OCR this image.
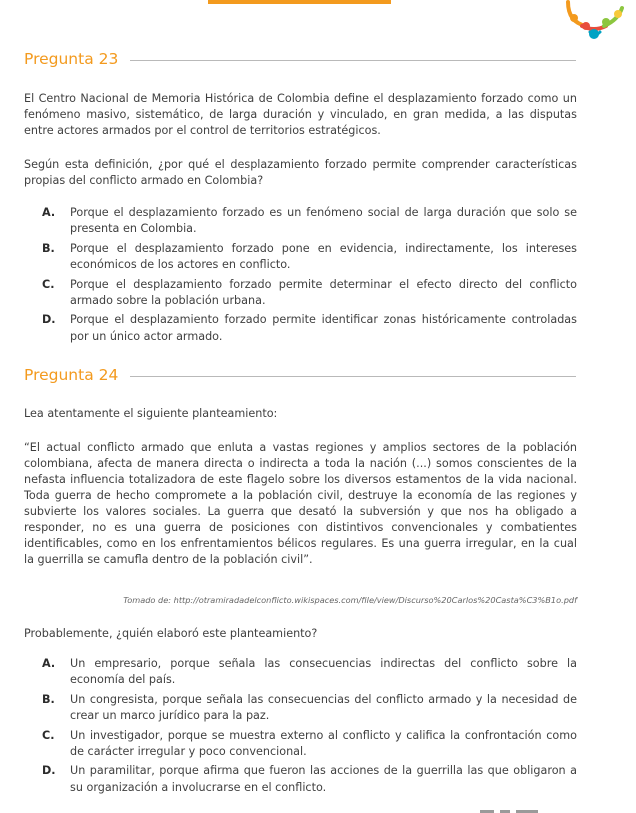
Pregunta 23

El Centro Nacional de Memoria Histórica de Colombia define el desplazamiento forzado como un fenómeno masivo, sistemático, de larga duración y vinculado, en gran medida, a las disputas entre actores armados por el control de territorios estratégicos.

Según esta definición, ¿por qué el desplazamiento forzado permite comprender características propias del conflicto armado en Colombia?

A.	Porque el desplazamiento forzado es un fenómeno social de larga duración que solo se presenta en Colombia.
B.	Porque el desplazamiento forzado pone en evidencia, indirectamente, los intereses económicos de los actores en conflicto.
C.	Porque el desplazamiento forzado permite determinar el efecto directo del conflicto armado sobre la población urbana.
D.	Porque el desplazamiento forzado permite identificar zonas históricamente controladas por un único actor armado.
Pregunta 24

Lea atentamente el siguiente planteamiento:

“El actual conflicto armado que enluta a vastas regiones y amplios sectores de la población colombiana, afecta de manera directa o indirecta a toda la nación (...) somos conscientes de la nefasta influencia totalizadora de este flagelo sobre los diversos estamentos de la vida nacional. Toda guerra de hecho compromete a la población civil, destruye la economía de las regiones y subvierte los valores sociales. La guerra que desató la subversión y que nos ha obligado a responder, no es una guerra de posiciones con distintivos convencionales y combatientes identificables, como en los enfrentamientos bélicos regulares. Es una guerra irregular, en la cual la guerrilla se camufla dentro de la población civil”.

Tomado de: http://otramiradadelconflicto.wikispaces.com/file/view/Discurso%20Carlos%20Casta%C3%B1o.pdf

Probablemente, ¿quién elaboró este planteamiento?

A.	Un empresario, porque señala las consecuencias indirectas del conflicto sobre la economía del país.
B.	Un congresista, porque señala las consecuencias del conflicto armado y la necesidad de crear un marco jurídico para la paz.
C.	Un investigador, porque se muestra externo al conflicto y califica la confrontación como de carácter irregular y poco convencional.
D.	Un paramilitar, porque afirma que fueron las acciones de la guerrilla las que obligaron a su organización a involucrarse en el conflicto.
